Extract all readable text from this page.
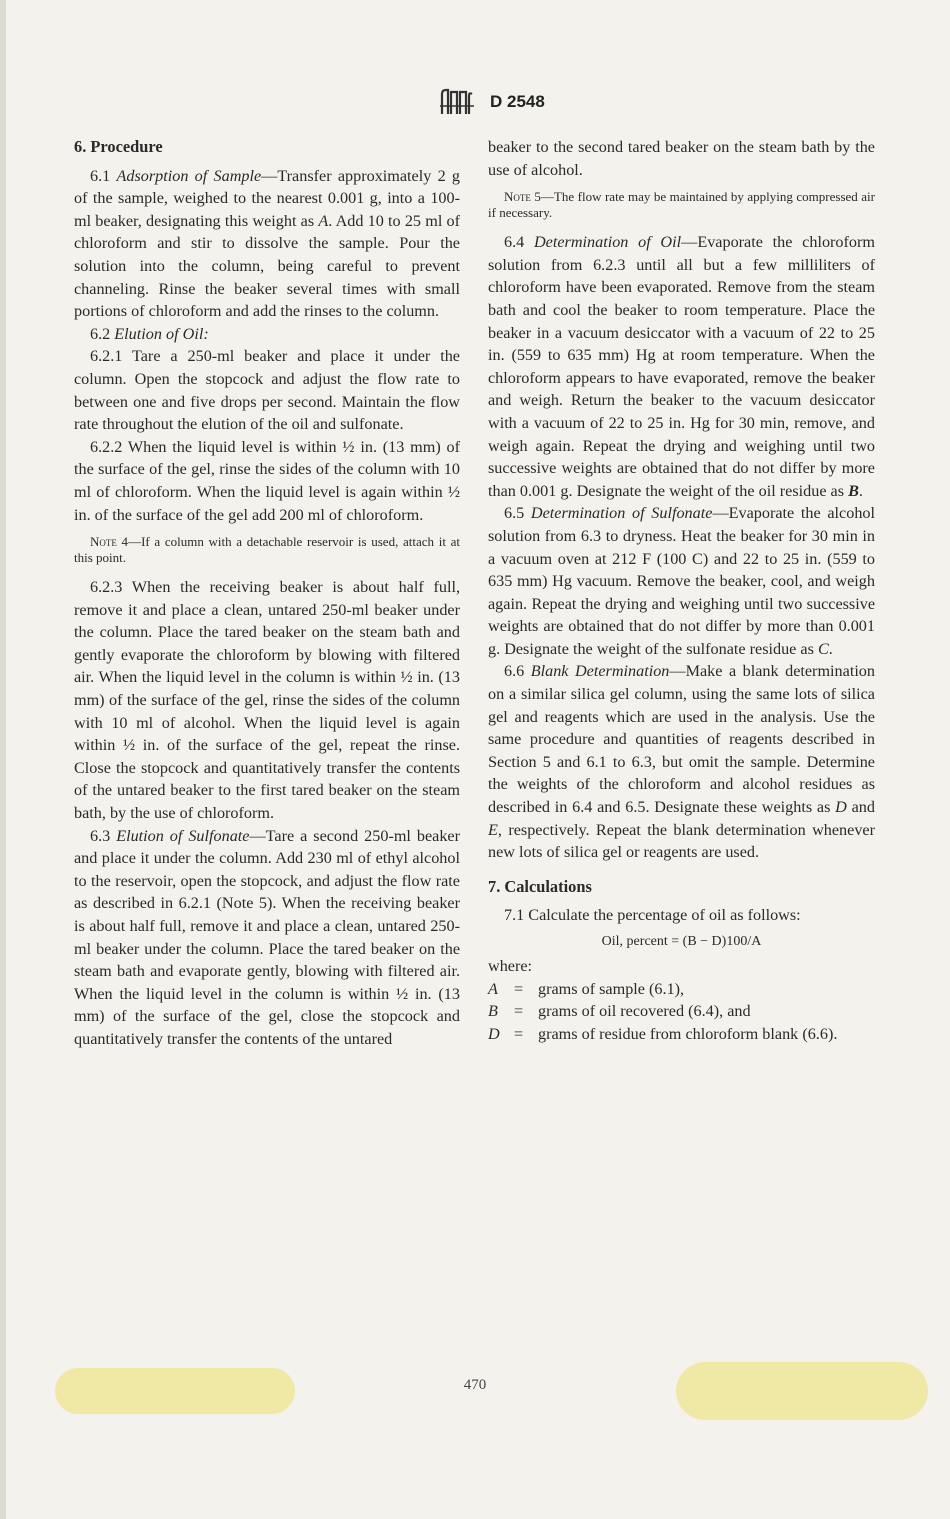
D 2548
6. Procedure

6.1 Adsorption of Sample—Transfer approximately 2 g of the sample, weighed to the nearest 0.001 g, into a 100-ml beaker, designating this weight as A. Add 10 to 25 ml of chloroform and stir to dissolve the sample. Pour the solution into the column, being careful to prevent channeling. Rinse the beaker several times with small portions of chloroform and add the rinses to the column.

6.2 Elution of Oil:

6.2.1 Tare a 250-ml beaker and place it under the column. Open the stopcock and adjust the flow rate to between one and five drops per second. Maintain the flow rate throughout the elution of the oil and sulfonate.

6.2.2 When the liquid level is within ½ in. (13 mm) of the surface of the gel, rinse the sides of the column with 10 ml of chloroform. When the liquid level is again within ½ in. of the surface of the gel add 200 ml of chloroform.

Note 4—If a column with a detachable reservoir is used, attach it at this point.

6.2.3 When the receiving beaker is about half full, remove it and place a clean, untared 250-ml beaker under the column. Place the tared beaker on the steam bath and gently evaporate the chloroform by blowing with filtered air. When the liquid level in the column is within ½ in. (13 mm) of the surface of the gel, rinse the sides of the column with 10 ml of alcohol. When the liquid level is again within ½ in. of the surface of the gel, repeat the rinse. Close the stopcock and quantitatively transfer the contents of the untared beaker to the first tared beaker on the steam bath, by the use of chloroform.

6.3 Elution of Sulfonate—Tare a second 250-ml beaker and place it under the column. Add 230 ml of ethyl alcohol to the reservoir, open the stopcock, and adjust the flow rate as described in 6.2.1 (Note 5). When the receiving beaker is about half full, remove it and place a clean, untared 250-ml beaker under the column. Place the tared beaker on the steam bath and evaporate gently, blowing with filtered air. When the liquid level in the column is within ½ in. (13 mm) of the surface of the gel, close the stopcock and quantitatively transfer the contents of the untared

beaker to the second tared beaker on the steam bath by the use of alcohol.

Note 5—The flow rate may be maintained by applying compressed air if necessary.

6.4 Determination of Oil—Evaporate the chloroform solution from 6.2.3 until all but a few milliliters of chloroform have been evaporated. Remove from the steam bath and cool the beaker to room temperature. Place the beaker in a vacuum desiccator with a vacuum of 22 to 25 in. (559 to 635 mm) Hg at room temperature. When the chloroform appears to have evaporated, remove the beaker and weigh. Return the beaker to the vacuum desiccator with a vacuum of 22 to 25 in. Hg for 30 min, remove, and weigh again. Repeat the drying and weighing until two successive weights are obtained that do not differ by more than 0.001 g. Designate the weight of the oil residue as B.

6.5 Determination of Sulfonate—Evaporate the alcohol solution from 6.3 to dryness. Heat the beaker for 30 min in a vacuum oven at 212 F (100 C) and 22 to 25 in. (559 to 635 mm) Hg vacuum. Remove the beaker, cool, and weigh again. Repeat the drying and weighing until two successive weights are obtained that do not differ by more than 0.001 g. Designate the weight of the sulfonate residue as C.

6.6 Blank Determination—Make a blank determination on a similar silica gel column, using the same lots of silica gel and reagents which are used in the analysis. Use the same procedure and quantities of reagents described in Section 5 and 6.1 to 6.3, but omit the sample. Determine the weights of the chloroform and alcohol residues as described in 6.4 and 6.5. Designate these weights as D and E, respectively. Repeat the blank determination whenever new lots of silica gel or reagents are used.

7. Calculations

7.1 Calculate the percentage of oil as follows:

Oil, percent = (B − D)100/A

where:

A = grams of sample (6.1),
B = grams of oil recovered (6.4), and
D = grams of residue from chloroform blank (6.6).
470
